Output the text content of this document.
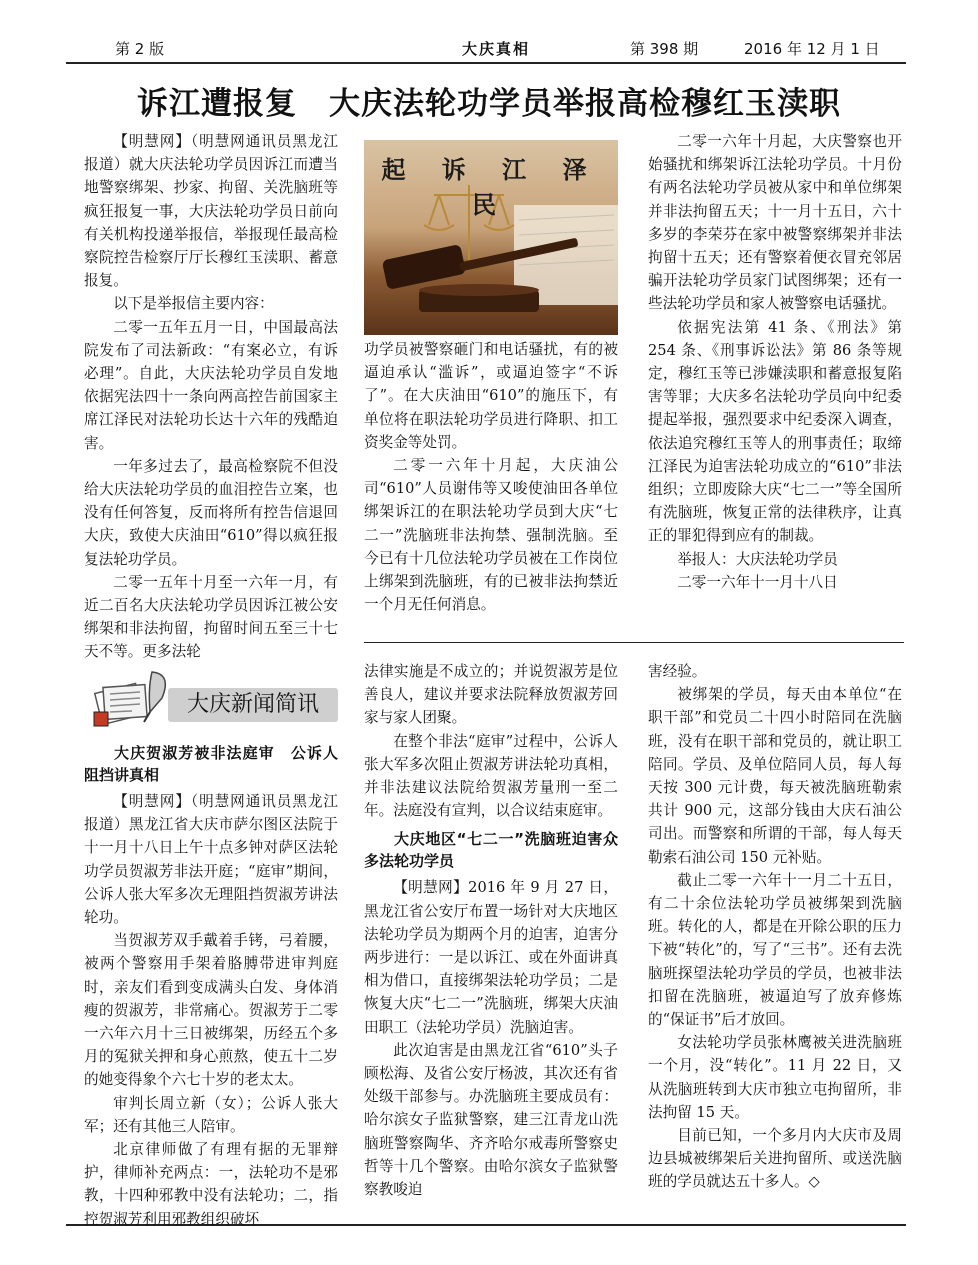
第 2 版	大庆真相	第 398 期	2016 年 12 月 1 日
诉江遭报复　大庆法轮功学员举报高检穆红玉渎职

【明慧网】（明慧网通讯员黑龙江报道）就大庆法轮功学员因诉江而遭当地警察绑架、抄家、拘留、关洗脑班等疯狂报复一事，大庆法轮功学员日前向有关机构投递举报信，举报现任最高检察院控告检察厅厅长穆红玉渎职、蓄意报复。

以下是举报信主要内容：

二零一五年五月一日，中国最高法院发布了司法新政：“有案必立，有诉必理”。自此，大庆法轮功学员自发地依据宪法四十一条向两高控告前国家主席江泽民对法轮功长达十六年的残酷迫害。

一年多过去了，最高检察院不但没给大庆法轮功学员的血泪控告立案，也没有任何答复，反而将所有控告信退回大庆，致使大庆油田“610”得以疯狂报复法轮功学员。

二零一五年十月至一六年一月，有近二百名大庆法轮功学员因诉江被公安绑架和非法拘留，拘留时间五至三十七天不等。更多法轮

起 诉 江 泽 民

功学员被警察砸门和电话骚扰，有的被逼迫承认“滥诉”，或逼迫签字“不诉了”。在大庆油田“610”的施压下，有单位将在职法轮功学员进行降职、扣工资奖金等处罚。

二零一六年十月起，大庆油公司“610”人员谢伟等又唆使油田各单位绑架诉江的在职法轮功学员到大庆“七二一”洗脑班非法拘禁、强制洗脑。至今已有十几位法轮功学员被在工作岗位上绑架到洗脑班，有的已被非法拘禁近一个月无任何消息。

二零一六年十月起，大庆警察也开始骚扰和绑架诉江法轮功学员。十月份有两名法轮功学员被从家中和单位绑架并非法拘留五天；十一月十五日，六十多岁的李荣芬在家中被警察绑架并非法拘留十五天；还有警察着便衣冒充邻居骗开法轮功学员家门试图绑架；还有一些法轮功学员和家人被警察电话骚扰。

依据宪法第 41 条、《刑法》第 254 条、《刑事诉讼法》第 86 条等规定，穆红玉等已涉嫌渎职和蓄意报复陷害等罪；大庆多名法轮功学员向中纪委提起举报，强烈要求中纪委深入调查，依法追究穆红玉等人的刑事责任；取缔江泽民为迫害法轮功成立的“610”非法组织；立即废除大庆“七二一”等全国所有洗脑班，恢复正常的法律秩序，让真正的罪犯得到应有的制裁。

举报人：大庆法轮功学员

二零一六年十一月十八日

大庆新闻简讯
大庆贺淑芳被非法庭审　公诉人阻挡讲真相

【明慧网】（明慧网通讯员黑龙江报道）黑龙江省大庆市萨尔图区法院于十一月十八日上午十点多钟对萨区法轮功学员贺淑芳非法开庭；“庭审”期间，公诉人张大军多次无理阻挡贺淑芳讲法轮功。

当贺淑芳双手戴着手铐，弓着腰，被两个警察用手架着胳膊带进审判庭时，亲友们看到变成满头白发、身体消瘦的贺淑芳，非常痛心。贺淑芳于二零一六年六月十三日被绑架，历经五个多月的冤狱关押和身心煎熬，使五十二岁的她变得象个六七十岁的老太太。

审判长周立新（女）；公诉人张大军；还有其他三人陪审。

北京律师做了有理有据的无罪辩护，律师补充两点：一，法轮功不是邪教，十四种邪教中没有法轮功；二，指控贺淑芳利用邪教组织破坏

法律实施是不成立的；并说贺淑芳是位善良人，建议并要求法院释放贺淑芳回家与家人团聚。

在整个非法“庭审”过程中，公诉人张大军多次阻止贺淑芳讲法轮功真相，并非法建议法院给贺淑芳量刑一至二年。法庭没有宣判，以合议结束庭审。

大庆地区“七二一”洗脑班迫害众多法轮功学员

【明慧网】2016 年 9 月 27 日，黑龙江省公安厅布置一场针对大庆地区法轮功学员为期两个月的迫害，迫害分两步进行：一是以诉江、或在外面讲真相为借口，直接绑架法轮功学员；二是恢复大庆“七二一”洗脑班，绑架大庆油田职工（法轮功学员）洗脑迫害。

此次迫害是由黑龙江省“610”头子顾松海、及省公安厅杨波，其次还有省处级干部参与。办洗脑班主要成员有：哈尔滨女子监狱警察，建三江青龙山洗脑班警察陶华、齐齐哈尔戒毒所警察史哲等十几个警察。由哈尔滨女子监狱警察教唆迫

害经验。

被绑架的学员，每天由本单位“在职干部”和党员二十四小时陪同在洗脑班，没有在职干部和党员的，就让职工陪同。学员、及单位陪同人员，每人每天按 300 元计费，每天被洗脑班勒索共计 900 元，这部分钱由大庆石油公司出。而警察和所谓的干部，每人每天勒索石油公司 150 元补贴。

截止二零一六年十一月二十五日，有二十余位法轮功学员被绑架到洗脑班。转化的人，都是在开除公职的压力下被“转化”的，写了“三书”。还有去洗脑班探望法轮功学员的学员，也被非法扣留在洗脑班，被逼迫写了放弃修炼的“保证书”后才放回。

女法轮功学员张林鹰被关进洗脑班一个月，没“转化”。11 月 22 日，又从洗脑班转到大庆市独立屯拘留所，非法拘留 15 天。

目前已知，一个多月内大庆市及周边县城被绑架后关进拘留所、或送洗脑班的学员就达五十多人。◇
